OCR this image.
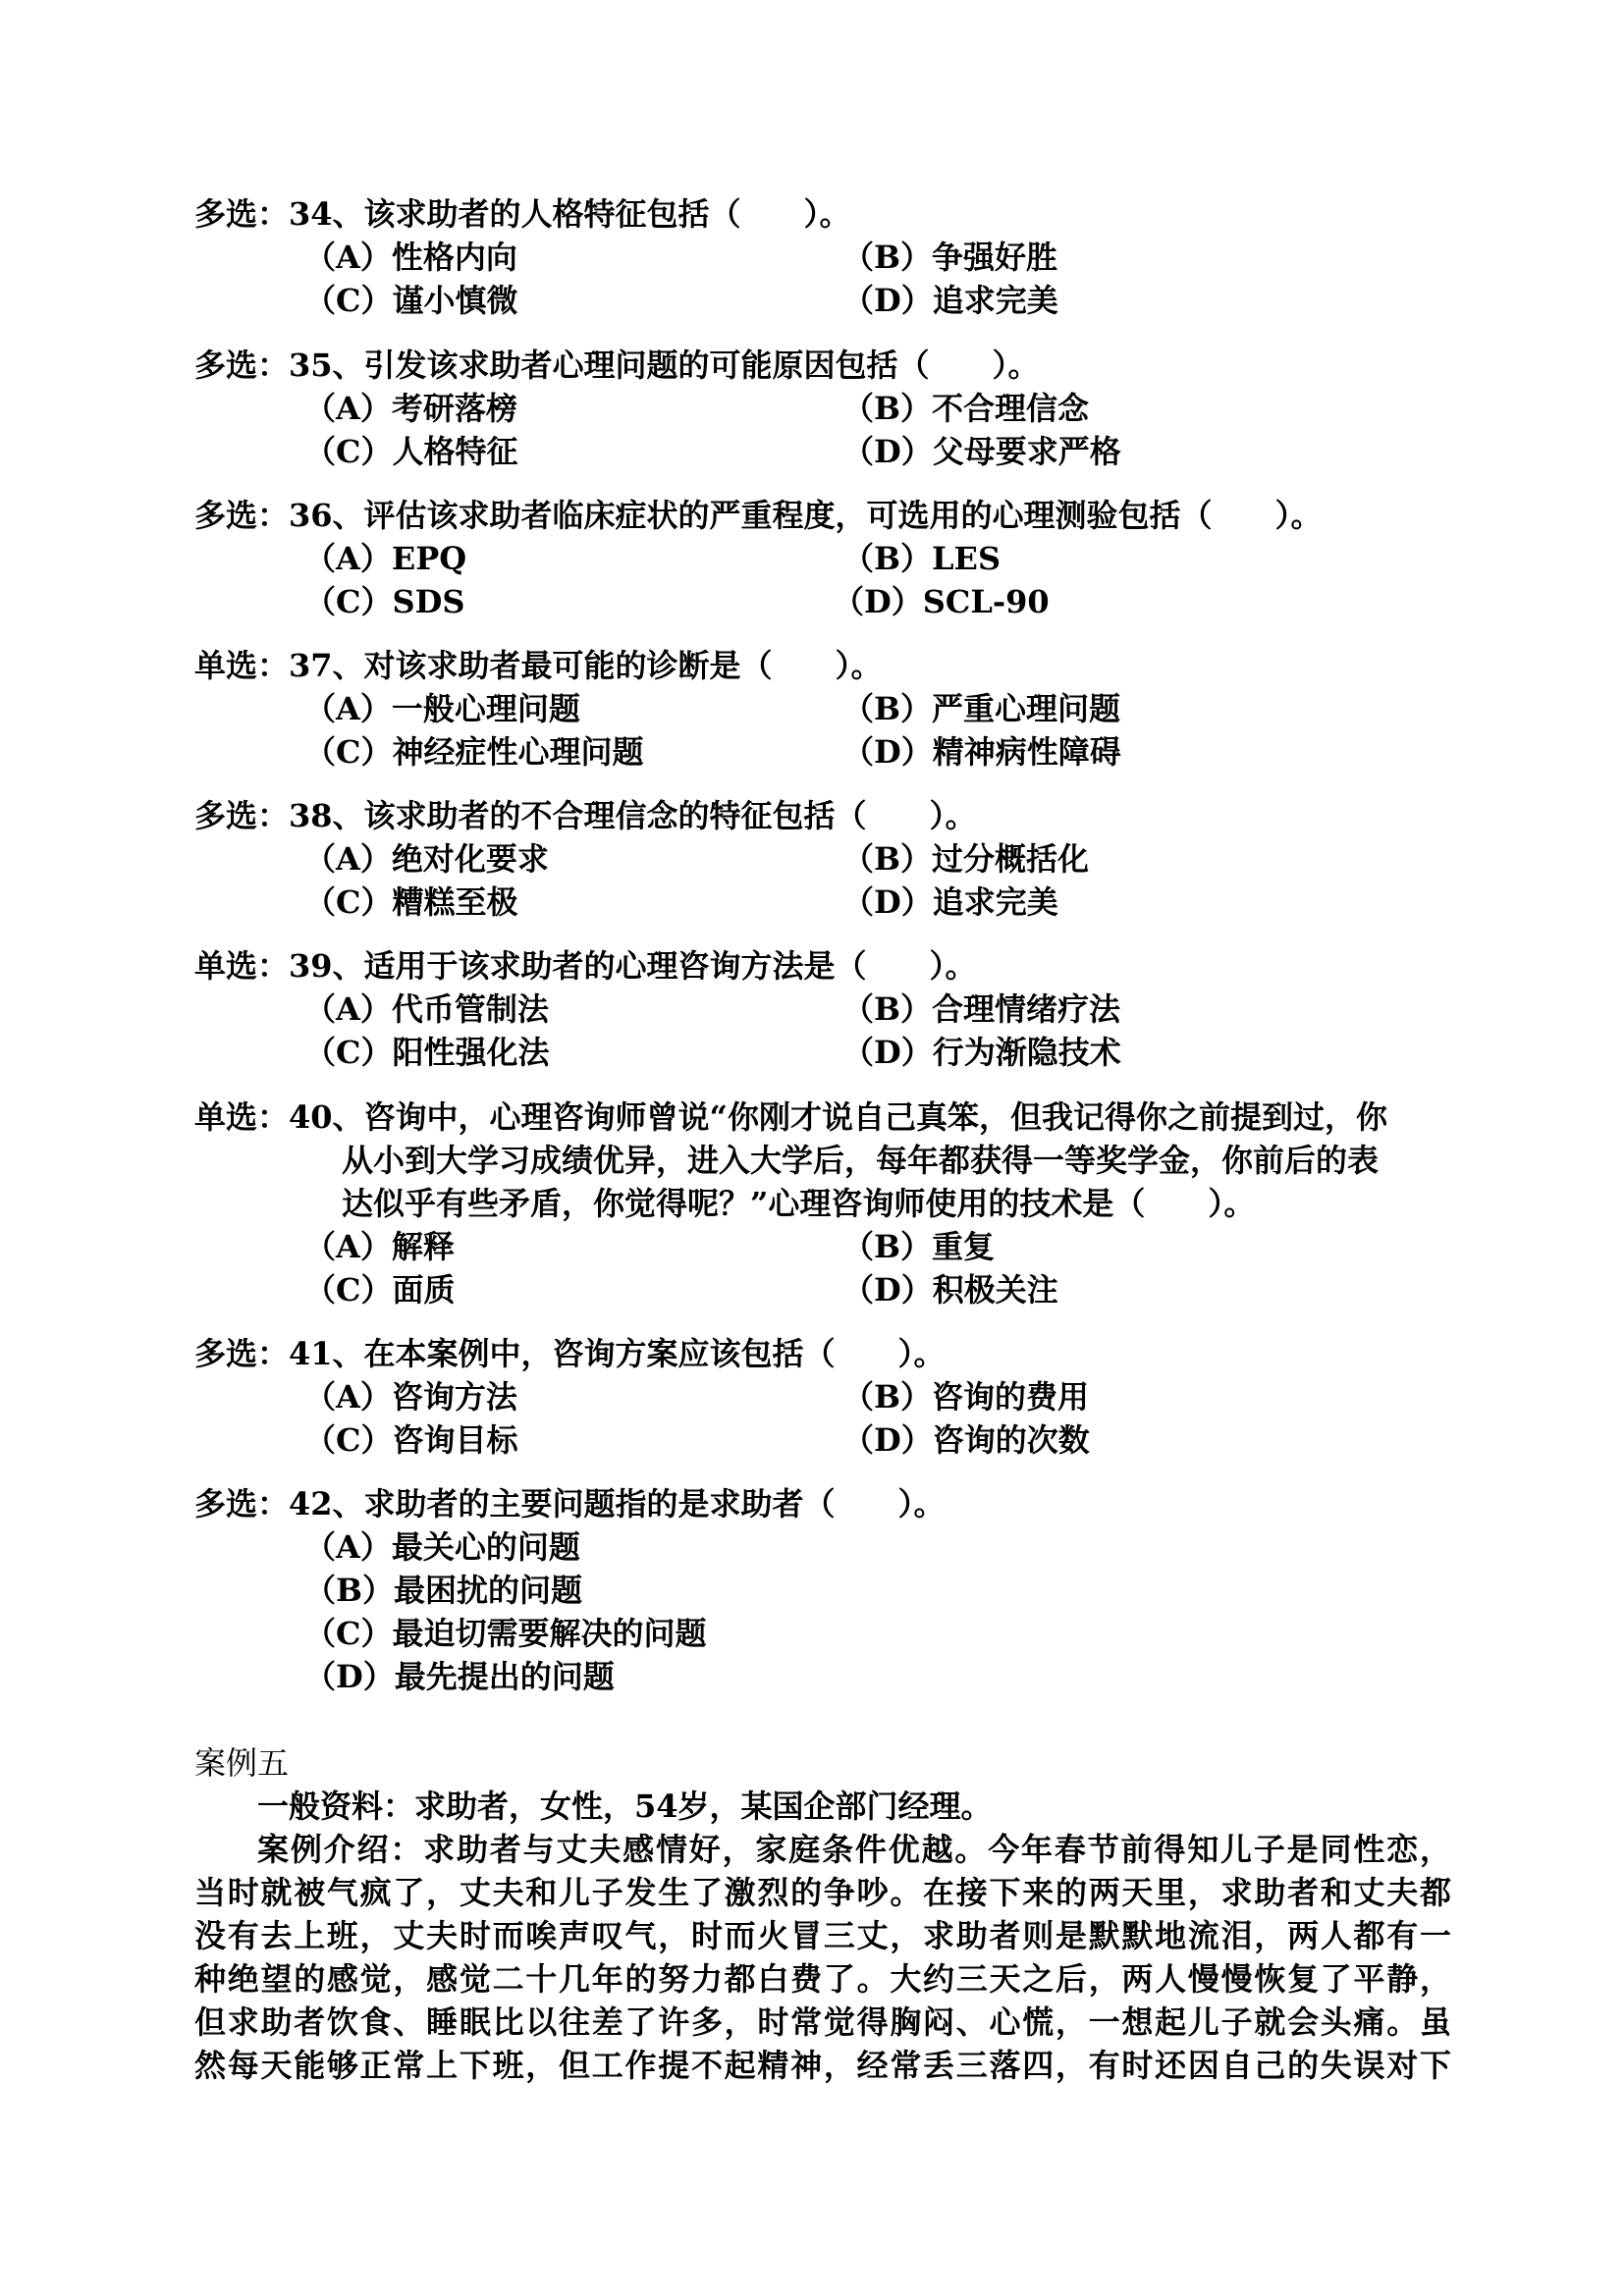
多选：34、该求助者的人格特征包括（　　）。
（A）性格内向	（B）争强好胜
（C）谨小慎微	（D）追求完美
多选：35、引发该求助者心理问题的可能原因包括（　　）。
（A）考研落榜	（B）不合理信念
（C）人格特征	（D）父母要求严格
多选：36、评估该求助者临床症状的严重程度，可选用的心理测验包括（　　）。
（A）EPQ	（B）LES
（C）SDS	（D）SCL-90
单选：37、对该求助者最可能的诊断是（　　）。
（A）一般心理问题	（B）严重心理问题
（C）神经症性心理问题	（D）精神病性障碍
多选：38、该求助者的不合理信念的特征包括（　　）。
（A）绝对化要求	（B）过分概括化
（C）糟糕至极	（D）追求完美
单选：39、适用于该求助者的心理咨询方法是（　　）。
（A）代币管制法	（B）合理情绪疗法
（C）阳性强化法	（D）行为渐隐技术
单选：40、咨询中，心理咨询师曾说“你刚才说自己真笨，但我记得你之前提到过，你
从小到大学习成绩优异，进入大学后，每年都获得一等奖学金，你前后的表
达似乎有些矛盾，你觉得呢？”心理咨询师使用的技术是（　　）。
（A）解释	（B）重复
（C）面质	（D）积极关注
多选：41、在本案例中，咨询方案应该包括（　　）。
（A）咨询方法	（B）咨询的费用
（C）咨询目标	（D）咨询的次数
多选：42、求助者的主要问题指的是求助者（　　）。
（A）最关心的问题
（B）最困扰的问题
（C）最迫切需要解决的问题
（D）最先提出的问题
案例五
一般资料：求助者，女性，54岁，某国企部门经理。
案例介绍：求助者与丈夫感情好，家庭条件优越。今年春节前得知儿子是同性恋，
当时就被气疯了，丈夫和儿子发生了激烈的争吵。在接下来的两天里，求助者和丈夫都
没有去上班，丈夫时而唉声叹气，时而火冒三丈，求助者则是默默地流泪，两人都有一
种绝望的感觉，感觉二十几年的努力都白费了。大约三天之后，两人慢慢恢复了平静，
但求助者饮食、睡眠比以往差了许多，时常觉得胸闷、心慌，一想起儿子就会头痛。虽
然每天能够正常上下班，但工作提不起精神，经常丢三落四，有时还因自己的失误对下
